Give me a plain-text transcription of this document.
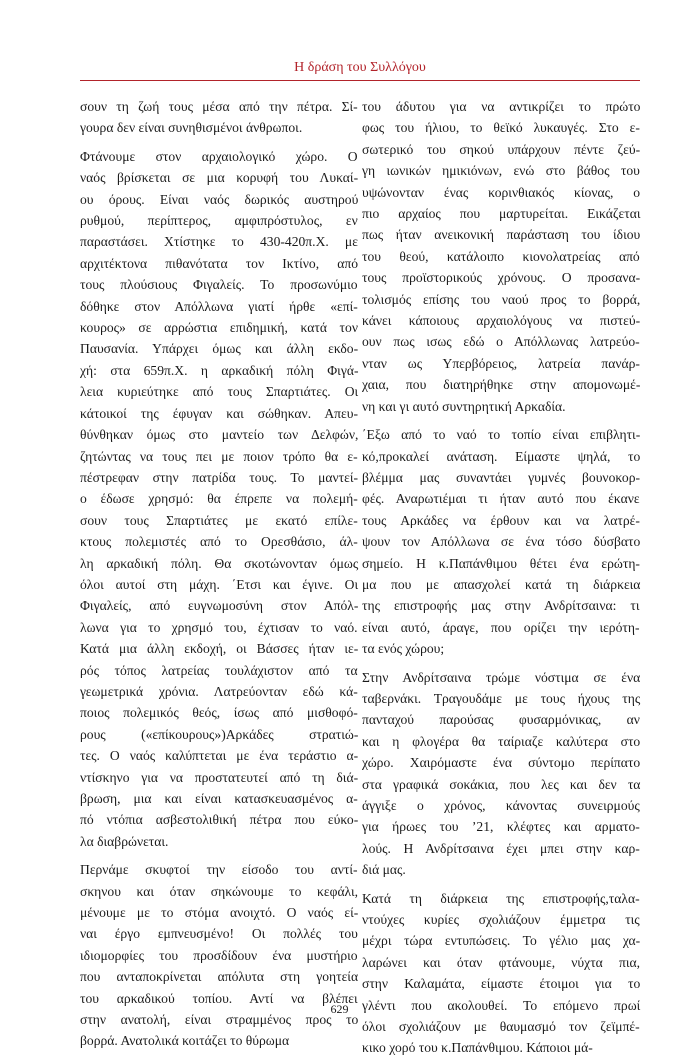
Η δράση του Συλλόγου
σουν τη ζωή τους μέσα από την πέτρα. Σί-
γουρα δεν είναι συνηθισμένοι άνθρωποι.
Φτάνουμε στον αρχαιολογικό χώρο. Ο
ναός βρίσκεται σε μια κορυφή του Λυκαί-
ου όρους. Είναι ναός δωρικός αυστηρού
ρυθμού, περίπτερος, αμφιπρόστυλος, εν
παραστάσει. Χτίστηκε το 430-420π.Χ. με
αρχιτέκτονα πιθανότατα τον Ικτίνο, από
τους πλούσιους Φιγαλείς. Το προσωνύμιο
δόθηκε στον Απόλλωνα γιατί ήρθε «επί-
κουρος» σε αρρώστια επιδημική, κατά τον
Παυσανία. Υπάρχει όμως και άλλη εκδο-
χή: στα 659π.Χ. η αρκαδική πόλη Φιγά-
λεια κυριεύτηκε από τους Σπαρτιάτες. Οι
κάτοικοί της έφυγαν και σώθηκαν. Απευ-
θύνθηκαν όμως στο μαντείο των Δελφών,
ζητώντας να τους πει με ποιον τρόπο θα ε-
πέστρεφαν στην πατρίδα τους. Το μαντεί-
ο έδωσε χρησμό: θα έπρεπε να πολεμή-
σουν τους Σπαρτιάτες με εκατό επίλε-
κτους πολεμιστές από το Ορεσθάσιο, άλ-
λη αρκαδική πόλη. Θα σκοτώνονταν όμως
όλοι αυτοί στη μάχη. ΄Ετσι και έγινε. Οι
Φιγαλείς, από ευγνωμοσύνη στον Απόλ-
λωνα για το χρησμό του, έχτισαν το ναό.
Κατά μια άλλη εκδοχή, οι Βάσσες ήταν ιε-
ρός τόπος λατρείας τουλάχιστον από τα
γεωμετρικά χρόνια. Λατρεύονταν εδώ κά-
ποιος πολεμικός θεός, ίσως από μισθοφό-
ρους («επίκουρους»)Αρκάδες στρατιώ-
τες. Ο ναός καλύπτεται με ένα τεράστιο α-
ντίσκηνο για να προστατευτεί από τη διά-
βρωση, μια και είναι κατασκευασμένος α-
πό ντόπια ασβεστολιθική πέτρα που εύκο-
λα διαβρώνεται.
Περνάμε σκυφτοί την είσοδο του αντί-
σκηνου και όταν σηκώνουμε το κεφάλι,
μένουμε με το στόμα ανοιχτό. Ο ναός εί-
ναι έργο εμπνευσμένο! Οι πολλές του
ιδιομορφίες του προσδίδουν ένα μυστήριο
που ανταποκρίνεται απόλυτα στη γοητεία
του αρκαδικού τοπίου. Αντί να βλέπει
στην ανατολή, είναι στραμμένος προς το
βορρά. Ανατολικά κοιτάζει το θύρωμα
του άδυτου για να αντικρίζει το πρώτο
φως του ήλιου, το θεϊκό λυκαυγές. Στο ε-
σωτερικό του σηκού υπάρχουν πέντε ζεύ-
γη ιωνικών ημικιόνων, ενώ στο βάθος του
υψώνονταν ένας κορινθιακός κίονας, ο
πιο αρχαίος που μαρτυρείται. Εικάζεται
πως ήταν ανεικονική παράσταση του ίδιου
του θεού, κατάλοιπο κιονολατρείας από
τους προϊστορικούς χρόνους. Ο προσανα-
τολισμός επίσης του ναού προς το βορρά,
κάνει κάποιους αρχαιολόγους να πιστεύ-
ουν πως ισως εδώ ο Απόλλωνας λατρεύο-
νταν ως Υπερβόρειος, λατρεία πανάρ-
χαια, που διατηρήθηκε στην απομονωμέ-
νη και γι αυτό συντηρητική Αρκαδία.
΄Εξω από το ναό το τοπίο είναι επιβλητι-
κό,προκαλεί ανάταση. Είμαστε ψηλά, το
βλέμμα μας συναντάει γυμνές βουνοκορ-
φές. Αναρωτιέμαι τι ήταν αυτό που έκανε
τους Αρκάδες να έρθουν και να λατρέ-
ψουν τον Απόλλωνα σε ένα τόσο δύσβατο
σημείο. Η κ.Παπάνθιμου θέτει ένα ερώτη-
μα που με απασχολεί κατά τη διάρκεια
της επιστροφής μας στην Ανδρίτσαινα: τι
είναι αυτό, άραγε, που ορίζει την ιερότη-
τα ενός χώρου;
Στην Ανδρίτσαινα τρώμε νόστιμα σε ένα
ταβερνάκι. Τραγουδάμε με τους ήχους της
πανταχού παρούσας φυσαρμόνικας, αν
και η φλογέρα θα ταίριαζε καλύτερα στο
χώρο. Χαιρόμαστε ένα σύντομο περίπατο
στα γραφικά σοκάκια, που λες και δεν τα
άγγιξε ο χρόνος, κάνοντας συνειρμούς
για ήρωες του ’21, κλέφτες και αρματο-
λούς. Η Ανδρίτσαινα έχει μπει στην καρ-
διά μας.
Κατά τη διάρκεια της επιστροφής,ταλα-
ντούχες κυρίες σχολιάζουν έμμετρα τις
μέχρι τώρα εντυπώσεις. Το γέλιο μας χα-
λαρώνει και όταν φτάνουμε, νύχτα πια,
στην Καλαμάτα, είμαστε έτοιμοι για το
γλέντι που ακολουθεί. Το επόμενο πρωί
όλοι σχολιάζουν με θαυμασμό τον ζεϊμπέ-
κικο χορό του κ.Παπάνθιμου. Κάποιοι μά-
629
